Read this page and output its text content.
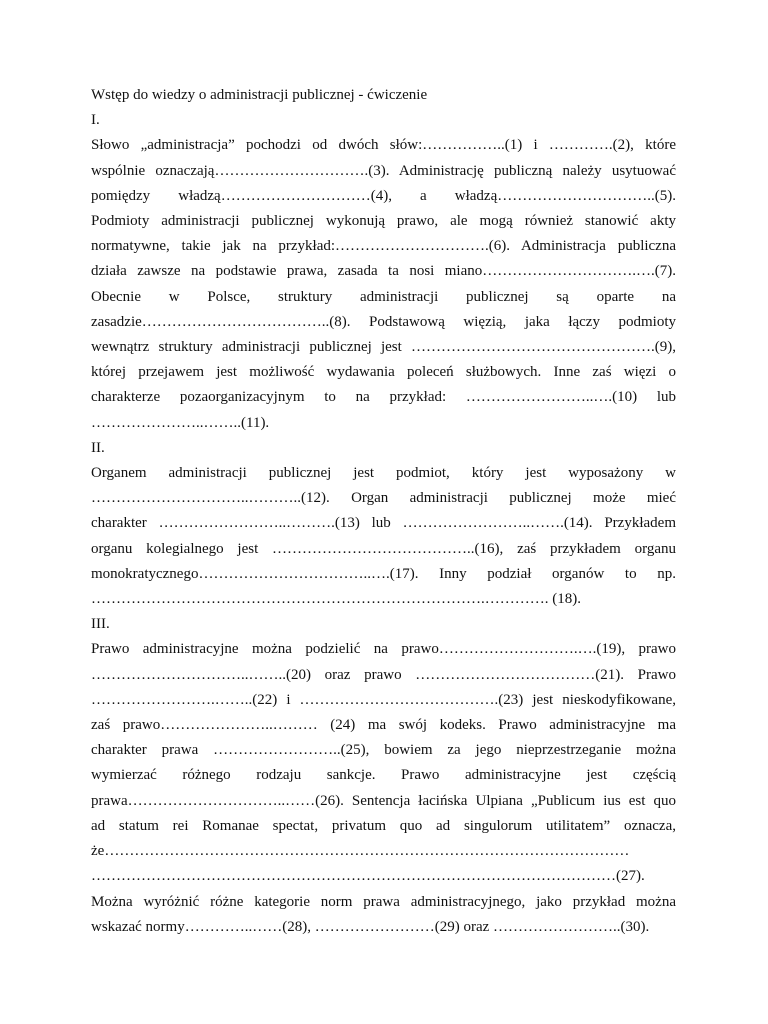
Wstęp do wiedzy o administracji publicznej - ćwiczenie
I.
Słowo „administracja” pochodzi od dwóch słów:……………..(1) i ………….(2), które
wspólnie oznaczają………………………….(3). Administrację publiczną należy usytuować
pomiędzy władzą…………………………(4), a władzą…………………………..(5).
Podmioty administracji publicznej wykonują prawo, ale mogą również stanowić akty
normatywne, takie jak na przykład:………………………….(6). Administracja publiczna
działa zawsze na podstawie prawa, zasada ta nosi miano………………………….….(7).
Obecnie w Polsce, struktury administracji publicznej są oparte na
zasadzie………………………………..(8). Podstawową więzią, jaka łączy podmioty
wewnątrz struktury administracji publicznej jest ………………………………………….(9),
której przejawem jest możliwość wydawania poleceń służbowych. Inne zaś więzi o
charakterze pozaorganizacyjnym to na przykład: ……………………..….(10) lub
…………………..……..(11).
II.
Organem administracji publicznej jest podmiot, który jest wyposażony w
…………………………..………..(12). Organ administracji publicznej może mieć
charakter ……………………..……….(13) lub ……………………..…….(14). Przykładem
organu kolegialnego jest …………………………………..(16), zaś przykładem organu
monokratycznego……………………………..….(17). Inny podział organów to np.
…………………………………………………………………….…………. (18).
III.
Prawo administracyjne można podzielić na prawo……………………….….(19), prawo
…………………………..……..(20) oraz prawo ………………………………(21). Prawo
…………………….……..(22) i ………………………………….(23) jest nieskodyfikowane,
zaś prawo…………………..……… (24) ma swój kodeks. Prawo administracyjne ma
charakter prawa ……………………..(25), bowiem za jego nieprzestrzeganie można
wymierzać różnego rodzaju sankcje. Prawo administracyjne jest częścią
prawa…………………………..……(26). Sentencja łacińska Ulpiana „Publicum ius est quo
ad statum rei Romanae spectat, privatum quo ad singulorum utilitatem” oznacza,
że……………………………………………………………………………………………
……………………………………………………………………………………………(27).
Można wyróżnić różne kategorie norm prawa administracyjnego, jako przykład można
wskazać normy…………..……(28), ……………………(29) oraz ……………………..(30).
